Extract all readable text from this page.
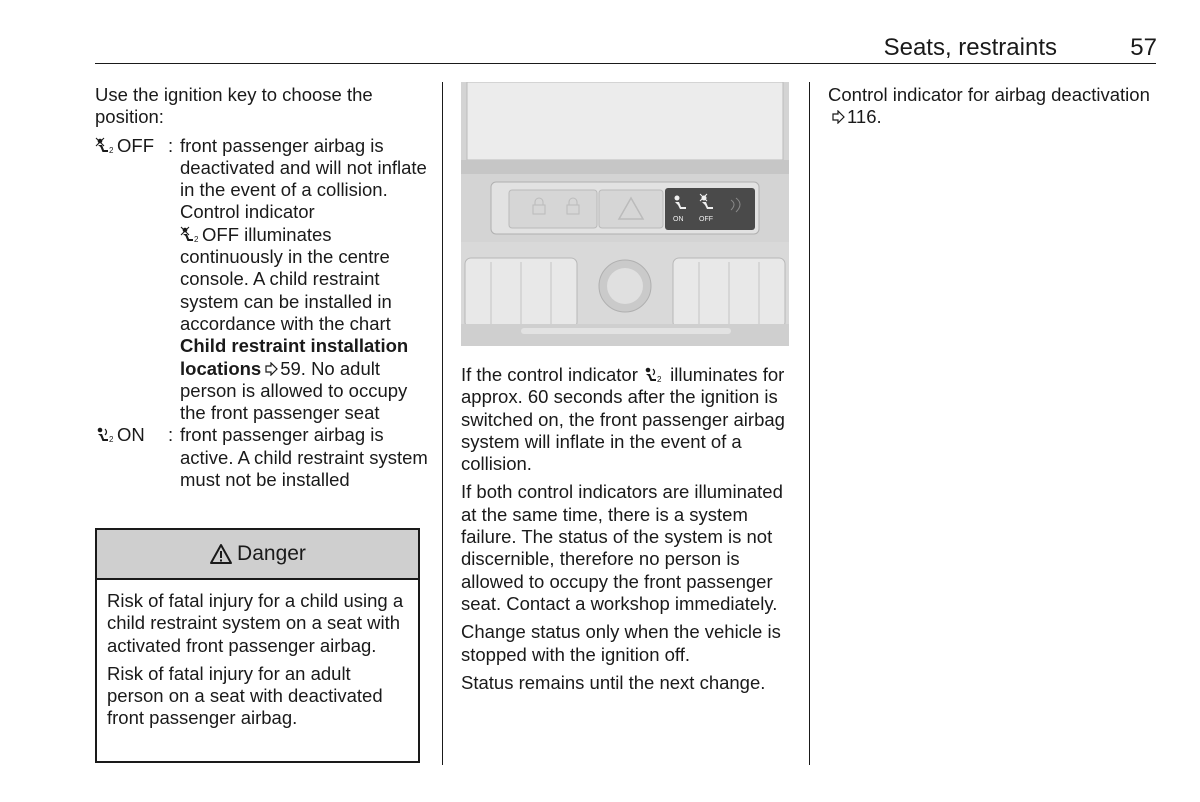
Seats, restraints	57

Use the ignition key to choose the position:

2 OFF : front passenger airbag is deactivated and will not inflate in the event of a collision. Control indicator

2 OFF illuminates continuously in the centre console. A child restraint system can be installed in accordance with the chart Child restraint installation locations 59. No adult person is allowed to occupy the front passenger seat
2 ON	: front passenger airbag is active. A child restraint system must not be installed
Danger

Risk of fatal injury for a child using a child restraint system on a seat with activated front passenger airbag.

Risk of fatal injury for an adult person on a seat with deactivated front passenger airbag.

ON OFF

If the control indicator 2 illuminates for approx. 60 seconds after the ignition is switched on, the front passenger airbag system will inflate in the event of a collision.

If both control indicators are illuminated at the same time, there is a system failure. The status of the system is not discernible, therefore no person is allowed to occupy the front passenger seat. Contact a workshop immediately.

Change status only when the vehicle is stopped with the ignition off.

Status remains until the next change.

Control indicator for airbag deactivation116.
